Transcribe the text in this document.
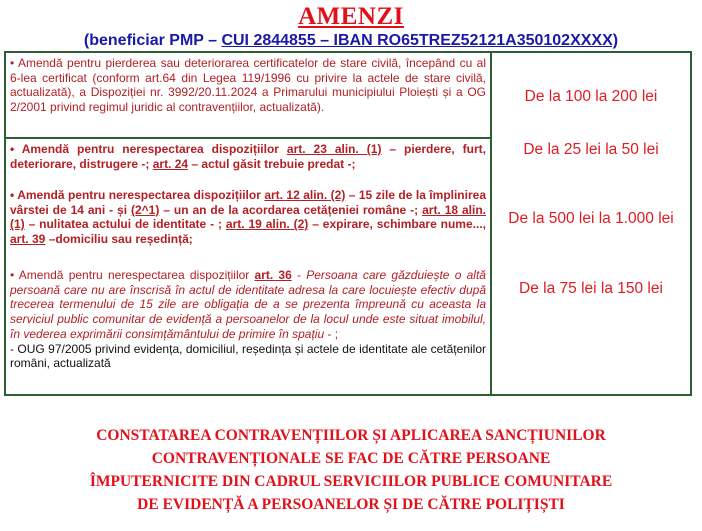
AMENZI
(beneficiar PMP – CUI 2844855 – IBAN RO65TREZ52121A350102XXXX)
• Amendă pentru pierderea sau deteriorarea certificatelor de stare civilă, începând cu al 6-lea certificat (conform art.64 din Legea 119/1996 cu privire la actele de stare civilă, actualizată), a Dispoziției nr. 3992/20.11.2024 a Primarului municipiului Ploiești și a OG 2/2001 privind regimul juridic al contravențiilor, actualizată).
De la 100 la 200 lei
• Amendă pentru nerespectarea dispozițiilor art. 23 alin. (1) – pierdere, furt, deteriorare, distrugere -; art. 24 – actul găsit trebuie predat -;
De la 25 lei la 50 lei
• Amendă pentru nerespectarea dispozițiilor art. 12 alin. (2) – 15 zile de la împlinirea vârstei de 14 ani - și (2^1) – un an de la acordarea cetățeniei române -; art. 18 alin. (1) – nulitatea actului de identitate - ; art. 19 alin. (2) – expirare, schimbare nume..., art. 39 –domiciliu sau reședință;
De la 500 lei la 1.000 lei
• Amendă pentru nerespectarea dispozițiilor art. 36 - Persoana care găzduiește o altă persoană care nu are înscrisă în actul de identitate adresa la care locuiește efectiv după trecerea termenului de 15 zile are obligația de a se prezenta împreună cu aceasta la serviciul public comunitar de evidență a persoanelor de la locul unde este situat imobilul, în vederea exprimării consimțământului de primire în spațiu - ;
- OUG 97/2005 privind evidența, domiciliul, reședința și actele de identitate ale cetățenilor români, actualizată
De la 75 lei la 150 lei
CONSTATAREA CONTRAVENȚIILOR ȘI APLICAREA SANCȚIUNILOR
CONTRAVENȚIONALE SE FAC DE CĂTRE PERSOANE
ÎMPUTERNICITE DIN CADRUL SERVICIILOR PUBLICE COMUNITARE
DE EVIDENȚĂ A PERSOANELOR ȘI DE CĂTRE POLIȚIȘTI
